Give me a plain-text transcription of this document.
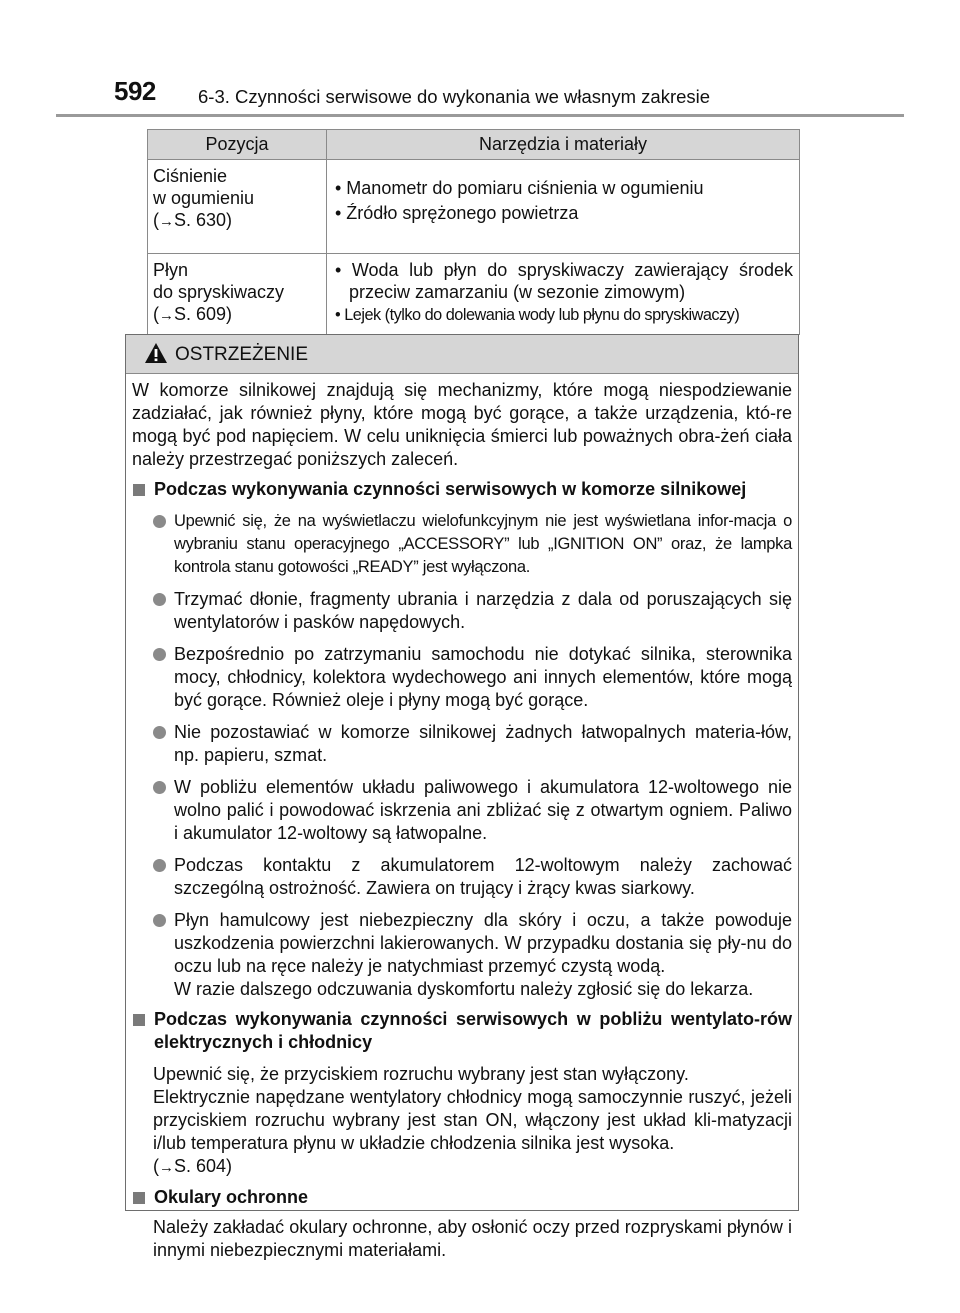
592 6-3. Czynności serwisowe do wykonania we własnym zakresie
Pozycja	Narzędzia i materiały

Ciśnienie
w ogumieniu
(→S. 630)	• Manometr do pomiaru ciśnienia w ogumieniu
• Źródło sprężonego powietrza

Płyn
do spryskiwaczy
(→S. 609)	• Woda lub płyn do spryskiwaczy zawierający środek
przeciw zamarzaniu (w sezonie zimowym)
• Lejek (tylko do dolewania wody lub płynu do spryskiwaczy)
OSTRZEŻENIE

W komorze silnikowej znajdują się mechanizmy, które mogą niespodziewanie zadziałać, jak również płyny, które mogą być gorące, a także urządzenia, któ-re mogą być pod napięciem. W celu uniknięcia śmierci lub poważnych obra-żeń ciała należy przestrzegać poniższych zaleceń.

Podczas wykonywania czynności serwisowych w komorze silnikowej
Upewnić się, że na wyświetlaczu wielofunkcyjnym nie jest wyświetlana infor-macja o wybraniu stanu operacyjnego „ACCESSORY” lub „IGNITION ON” oraz, że lampka kontrola stanu gotowości „READY” jest wyłączona.
Trzymać dłonie, fragmenty ubrania i narzędzia z dala od poruszających się wentylatorów i pasków napędowych.
Bezpośrednio po zatrzymaniu samochodu nie dotykać silnika, sterownika mocy, chłodnicy, kolektora wydechowego ani innych elementów, które mogą być gorące. Również oleje i płyny mogą być gorące.
Nie pozostawiać w komorze silnikowej żadnych łatwopalnych materia-łów, np. papieru, szmat.
W pobliżu elementów układu paliwowego i akumulatora 12-woltowego nie wolno palić i powodować iskrzenia ani zbliżać się z otwartym ogniem. Paliwo i akumulator 12-woltowy są łatwopalne.
Podczas kontaktu z akumulatorem 12-woltowym należy zachować szczególną ostrożność. Zawiera on trujący i żrący kwas siarkowy.
Płyn hamulcowy jest niebezpieczny dla skóry i oczu, a także powoduje uszkodzenia powierzchni lakierowanych. W przypadku dostania się pły-nu do oczu lub na ręce należy je natychmiast przemyć czystą wodą.
W razie dalszego odczuwania dyskomfortu należy zgłosić się do lekarza.
Podczas wykonywania czynności serwisowych w pobliżu wentylato-rów elektrycznych i chłodnicy
Upewnić się, że przyciskiem rozruchu wybrany jest stan wyłączony.
Elektrycznie napędzane wentylatory chłodnicy mogą samoczynnie ruszyć, jeżeli przyciskiem rozruchu wybrany jest stan ON, włączony jest układ kli-matyzacji i/lub temperatura płynu w układzie chłodzenia silnika jest wysoka.
(→S. 604)
Okulary ochronne
Należy zakładać okulary ochronne, aby osłonić oczy przed rozpryskami płynów i innymi niebezpiecznymi materiałami.
